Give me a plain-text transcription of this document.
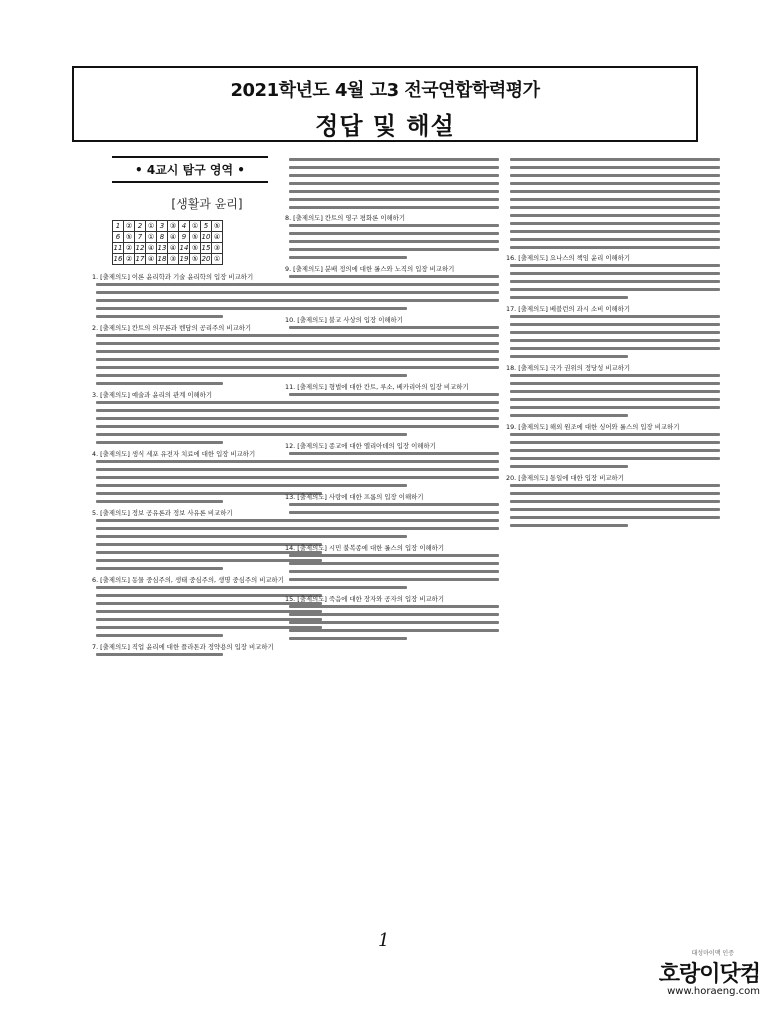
2021학년도 4월 고3 전국연합학력평가
정답 및 해설
• 4교시 탐구 영역 •
[생활과 윤리]
1	②	2	①	3	③	4	①	5	⑤
6	⑤	7	①	8	④	9	⑤	10	④
11	②	12	④	13	④	14	⑤	15	③
16	②	17	④	18	③	19	⑤	20	①
1. [출제의도] 이론 윤리학과 기술 윤리학의 입장 비교하기
2. [출제의도] 칸트의 의무론과 벤담의 공리주의 비교하기
3. [출제의도] 예술과 윤리의 관계 이해하기
4. [출제의도] 생식 세포 유전자 치료에 대한 입장 비교하기
5. [출제의도] 정보 공유론과 정보 사유론 비교하기
6. [출제의도] 동물 중심주의, 생태 중심주의, 생명 중심주의 비교하기
7. [출제의도] 직업 윤리에 대한 플라톤과 정약용의 입장 비교하기
8. [출제의도] 칸트의 영구 평화론 이해하기
9. [출제의도] 분배 정의에 대한 롤스와 노직의 입장 비교하기
10. [출제의도] 불교 사상의 입장 이해하기
11. [출제의도] 형벌에 대한 칸트, 루소, 베카리아의 입장 비교하기
12. [출제의도] 종교에 대한 엘리아데의 입장 이해하기
13. [출제의도] 사랑에 대한 프롬의 입장 이해하기
14. [출제의도] 시민 불복종에 대한 롤스의 입장 이해하기
15. [출제의도] 죽음에 대한 장자와 공자의 입장 비교하기
16. [출제의도] 요나스의 책임 윤리 이해하기
17. [출제의도] 베블런의 과시 소비 이해하기
18. [출제의도] 국가 권위의 정당성 비교하기
19. [출제의도] 해외 원조에 대한 싱어와 롤스의 입장 비교하기
20. [출제의도] 통일에 대한 입장 비교하기
1
대성마이맥 인증
호랑이닷컴
www.horaeng.com
